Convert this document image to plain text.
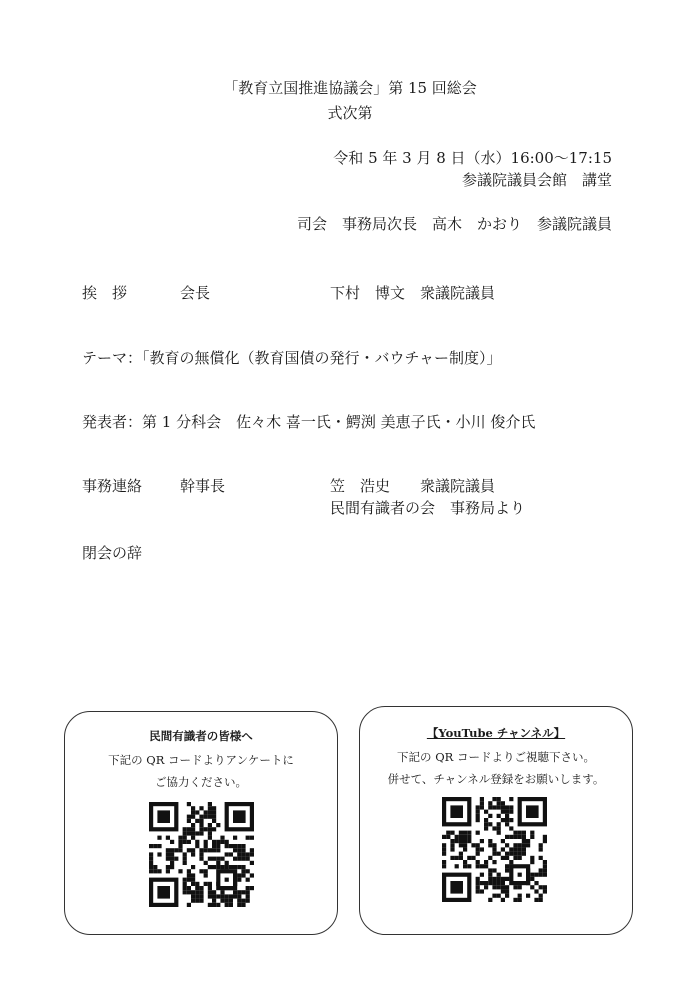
「教育立国推進協議会」第 15 回総会
式次第
令和 5 年 3 月 8 日（水）16:00～17:15
参議院議員会館　講堂
司会　事務局次長　高木　かおり　参議院議員
挨　拶	会長	下村　博文　衆議院議員
テーマ：「教育の無償化（教育国債の発行・バウチャー制度）」
発表者：第 1 分科会　佐々木 喜一氏・鰐渕 美恵子氏・小川 俊介氏
事務連絡	幹事長	笠　浩史　　衆議院議員
民間有識者の会　事務局より
閉会の辞
民間有識者の皆様へ
下記の QR コードよりアンケートに
ご協力ください。
【YouTube チャンネル】
下記の QR コードよりご視聴下さい。
併せて、チャンネル登録をお願いします。
